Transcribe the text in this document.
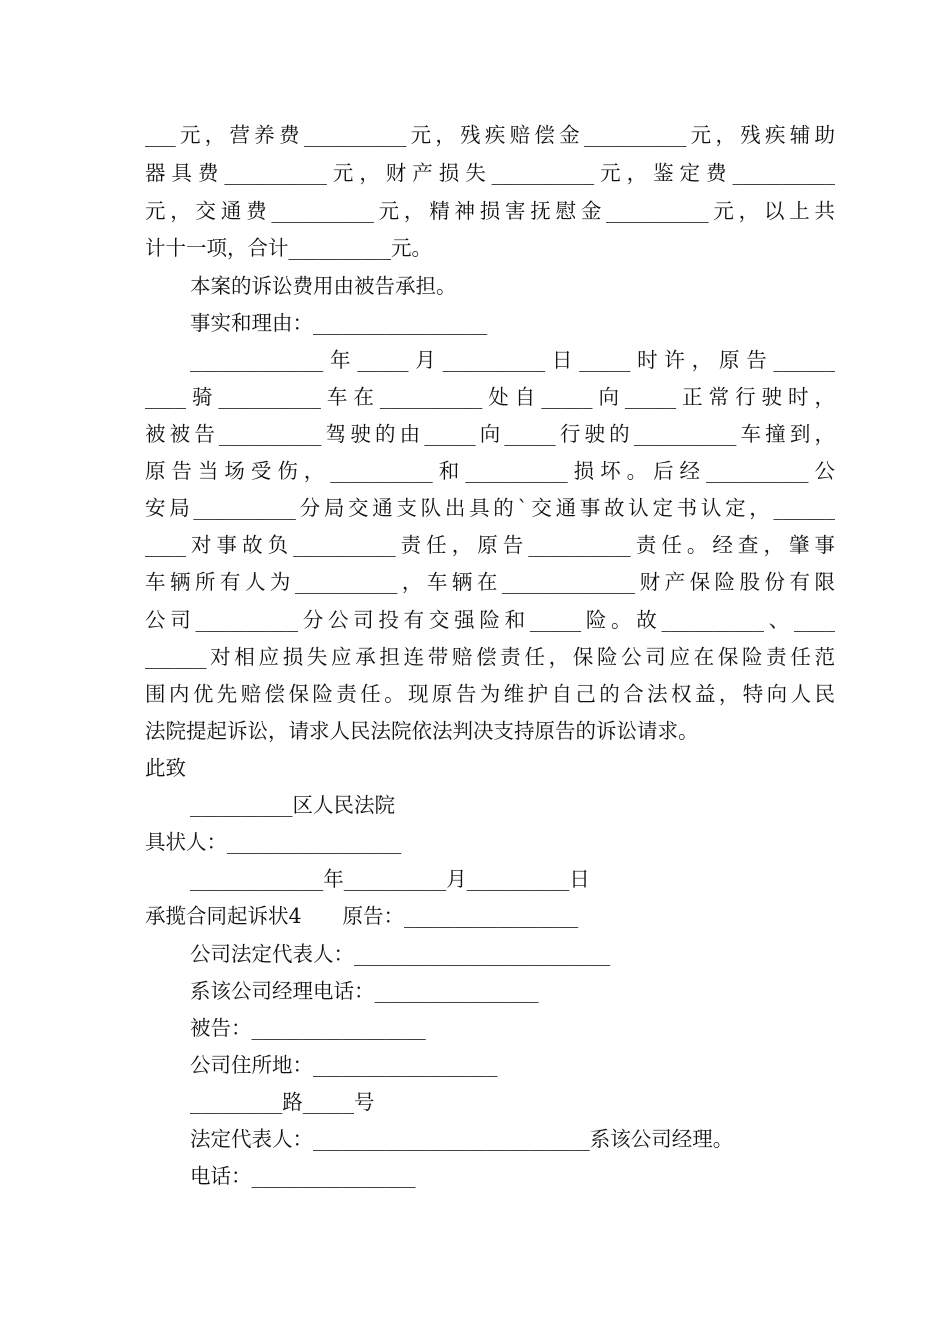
___元，营养费__________元，残疾赔偿金__________元，残疾辅助

器具费__________元，财产损失__________元，鉴定费__________

元，交通费__________元，精神损害抚慰金__________元，以上共

计十一项，合计__________元。

本案的诉讼费用由被告承担。

事实和理由：_________________

_____________年_____月__________日_____时许，原告______

____骑__________车在__________处自_____向_____正常行驶时，

被被告__________驾驶的由_____向_____行驶的__________车撞到，

原告当场受伤，__________和__________损坏。后经__________公

安局__________分局交通支队出具的`交通事故认定书认定，______

____对事故负__________责任，原告__________责任。经查，肇事

车辆所有人为__________，车辆在_____________财产保险股份有限

公司__________分公司投有交强险和_____险。故__________、____

______对相应损失应承担连带赔偿责任，保险公司应在保险责任范

围内优先赔偿保险责任。现原告为维护自己的合法权益，特向人民

法院提起诉讼，请求人民法院依法判决支持原告的诉讼请求。

此致

__________区人民法院

具状人：_________________

_____________年__________月__________日

承揽合同起诉状4　　原告：_________________

公司法定代表人：_________________________

系该公司经理电话：________________

被告：_________________

公司住所地：__________________

_________路_____号

法定代表人：___________________________系该公司经理。

电话：________________
